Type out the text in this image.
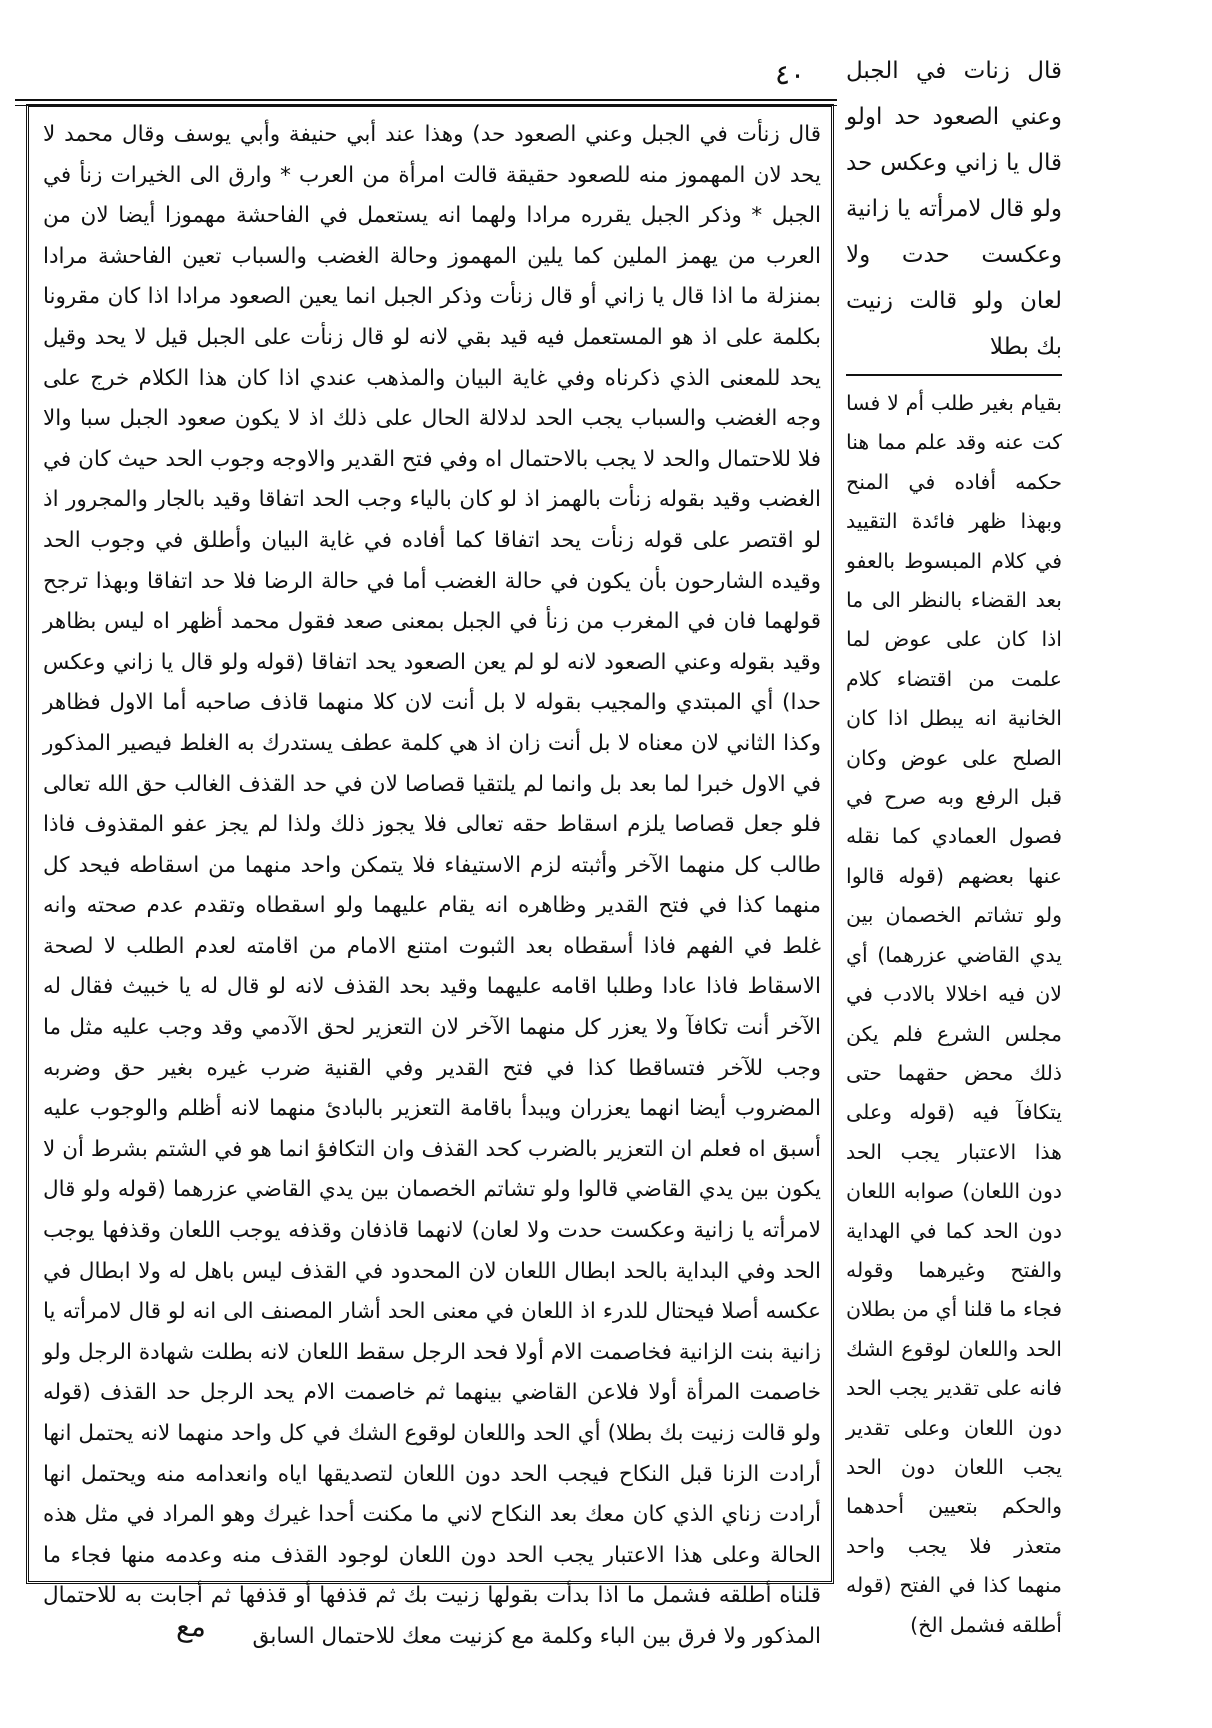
٤٠

قال زنأت في الجبل وعني الصعود حد) وهذا عند أبي حنيفة وأبي يوسف وقال محمد لا يحد لان المهموز منه للصعود حقيقة قالت امرأة من العرب * وارق الى الخيرات زنأ في الجبل * وذكر الجبل يقرره مرادا ولهما انه يستعمل في الفاحشة مهموزا أيضا لان من العرب من يهمز الملين كما يلين المهموز وحالة الغضب والسباب تعين الفاحشة مرادا بمنزلة ما اذا قال يا زاني أو قال زنأت وذكر الجبل انما يعين الصعود مرادا اذا كان مقرونا بكلمة على اذ هو المستعمل فيه قيد بقي لانه لو قال زنأت على الجبل قيل لا يحد وقيل يحد للمعنى الذي ذكرناه وفي غاية البيان والمذهب عندي اذا كان هذا الكلام خرج على وجه الغضب والسباب يجب الحد لدلالة الحال على ذلك اذ لا يكون صعود الجبل سبا والا فلا للاحتمال والحد لا يجب بالاحتمال اه وفي فتح القدير والاوجه وجوب الحد حيث كان في الغضب وقيد بقوله زنأت بالهمز اذ لو كان بالياء وجب الحد اتفاقا وقيد بالجار والمجرور اذ لو اقتصر على قوله زنأت يحد اتفاقا كما أفاده في غاية البيان وأطلق في وجوب الحد وقيده الشارحون بأن يكون في حالة الغضب أما في حالة الرضا فلا حد اتفاقا وبهذا ترجح قولهما فان في المغرب من زنأ في الجبل بمعنى صعد فقول محمد أظهر اه ليس بظاهر وقيد بقوله وعني الصعود لانه لو لم يعن الصعود يحد اتفاقا (قوله ولو قال يا زاني وعكس حدا) أي المبتدي والمجيب بقوله لا بل أنت لان كلا منهما قاذف صاحبه أما الاول فظاهر وكذا الثاني لان معناه لا بل أنت زان اذ هي كلمة عطف يستدرك به الغلط فيصير المذكور في الاول خبرا لما بعد بل وانما لم يلتقيا قصاصا لان في حد القذف الغالب حق الله تعالى فلو جعل قصاصا يلزم اسقاط حقه تعالى فلا يجوز ذلك ولذا لم يجز عفو المقذوف فاذا طالب كل منهما الآخر وأثبته لزم الاستيفاء فلا يتمكن واحد منهما من اسقاطه فيحد كل منهما كذا في فتح القدير وظاهره انه يقام عليهما ولو اسقطاه وتقدم عدم صحته وانه غلط في الفهم فاذا أسقطاه بعد الثبوت امتنع الامام من اقامته لعدم الطلب لا لصحة الاسقاط فاذا عادا وطلبا اقامه عليهما وقيد بحد القذف لانه لو قال له يا خبيث فقال له الآخر أنت تكافآ ولا يعزر كل منهما الآخر لان التعزير لحق الآدمي وقد وجب عليه مثل ما وجب للآخر فتساقطا كذا في فتح القدير وفي القنية ضرب غيره بغير حق وضربه المضروب أيضا انهما يعزران ويبدأ باقامة التعزير بالبادئ منهما لانه أظلم والوجوب عليه أسبق اه فعلم ان التعزير بالضرب كحد القذف وان التكافؤ انما هو في الشتم بشرط أن لا يكون بين يدي القاضي قالوا ولو تشاتم الخصمان بين يدي القاضي عزرهما (قوله ولو قال لامرأته يا زانية وعكست حدت ولا لعان) لانهما قاذفان وقذفه يوجب اللعان وقذفها يوجب الحد وفي البداية بالحد ابطال اللعان لان المحدود في القذف ليس باهل له ولا ابطال في عكسه أصلا فيحتال للدرء اذ اللعان في معنى الحد أشار المصنف الى انه لو قال لامرأته يا زانية بنت الزانية فخاصمت الام أولا فحد الرجل سقط اللعان لانه بطلت شهادة الرجل ولو خاصمت المرأة أولا فلاعن القاضي بينهما ثم خاصمت الام يحد الرجل حد القذف (قوله ولو قالت زنيت بك بطلا) أي الحد واللعان لوقوع الشك في كل واحد منهما لانه يحتمل انها أرادت الزنا قبل النكاح فيجب الحد دون اللعان لتصديقها اياه وانعدامه منه ويحتمل انها أرادت زناي الذي كان معك بعد النكاح لاني ما مكنت أحدا غيرك وهو المراد في مثل هذه الحالة وعلى هذا الاعتبار يجب الحد دون اللعان لوجود القذف منه وعدمه منها فجاء ما قلناه أطلقه فشمل ما اذا بدأت بقولها زنيت بك ثم قذفها أو قذفها ثم أجابت به للاحتمال المذكور ولا فرق بين الباء وكلمة مع كزنيت معك للاحتمال السابق

قال زنات في الجبل وعني الصعود حد اولو قال يا زاني وعكس حد ولو قال لامرأته يا زانية وعكست حدت ولا لعان ولو قالت زنيت بك بطلا
بقيام بغير طلب أم لا فسا كت عنه وقد علم مما هنا حكمه أفاده في المنح وبهذا ظهر فائدة التقييد في كلام المبسوط بالعفو بعد القضاء بالنظر الى ما اذا كان على عوض لما علمت من اقتضاء كلام الخانية انه يبطل اذا كان الصلح على عوض وكان قبل الرفع وبه صرح في فصول العمادي كما نقله عنها بعضهم (قوله قالوا ولو تشاتم الخصمان بين يدي القاضي عزرهما) أي لان فيه اخلالا بالادب في مجلس الشرع فلم يكن ذلك محض حقهما حتى يتكافآ فيه (قوله وعلى هذا الاعتبار يجب الحد دون اللعان) صوابه اللعان دون الحد كما في الهداية والفتح وغيرهما وقوله فجاء ما قلنا أي من بطلان الحد واللعان لوقوع الشك فانه على تقدير يجب الحد دون اللعان وعلى تقدير يجب اللعان دون الحد والحكم بتعيين أحدهما متعذر فلا يجب واحد منهما كذا في الفتح (قوله أطلقه فشمل الخ)
مع
